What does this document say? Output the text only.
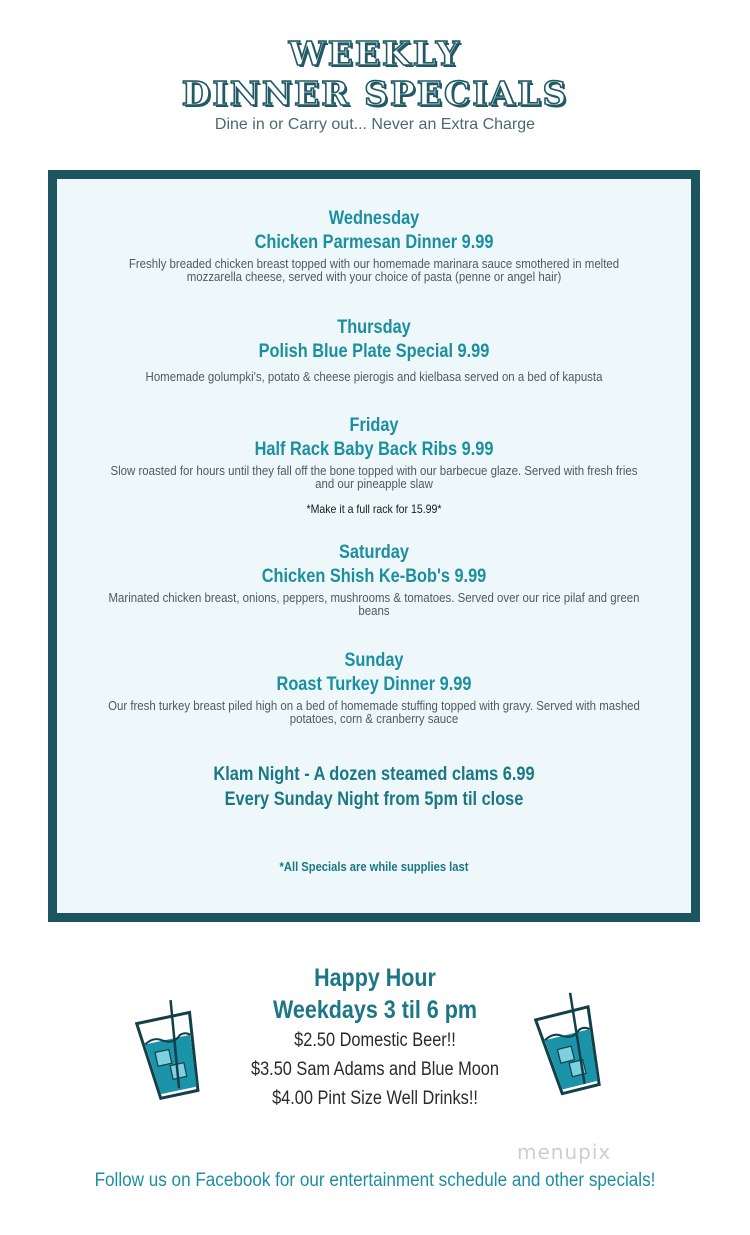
WEEKLY
DINNER SPECIALS
Dine in or Carry out... Never an Extra Charge
Wednesday
Chicken Parmesan Dinner 9.99
Freshly breaded chicken breast topped with our homemade marinara sauce smothered in melted mozzarella cheese, served with your choice of pasta (penne or angel hair)
Thursday
Polish Blue Plate Special 9.99
Homemade golumpki's, potato & cheese pierogis and kielbasa served on a bed of kapusta
Friday
Half Rack Baby Back Ribs 9.99
Slow roasted for hours until they fall off the bone topped with our barbecue glaze. Served with fresh fries and our pineapple slaw
*Make it a full rack for 15.99*
Saturday
Chicken Shish Ke-Bob's 9.99
Marinated chicken breast, onions, peppers, mushrooms & tomatoes. Served over our rice pilaf and green beans
Sunday
Roast Turkey Dinner 9.99
Our fresh turkey breast piled high on a bed of homemade stuffing topped with gravy. Served with mashed potatoes, corn & cranberry sauce
Klam Night - A dozen steamed clams 6.99
Every Sunday Night from 5pm til close
*All Specials are while supplies last
Happy Hour
Weekdays 3 til 6 pm
$2.50 Domestic Beer!!
$3.50 Sam Adams and Blue Moon
$4.00 Pint Size Well Drinks!!
menupix
Follow us on Facebook for our entertainment schedule and other specials!
